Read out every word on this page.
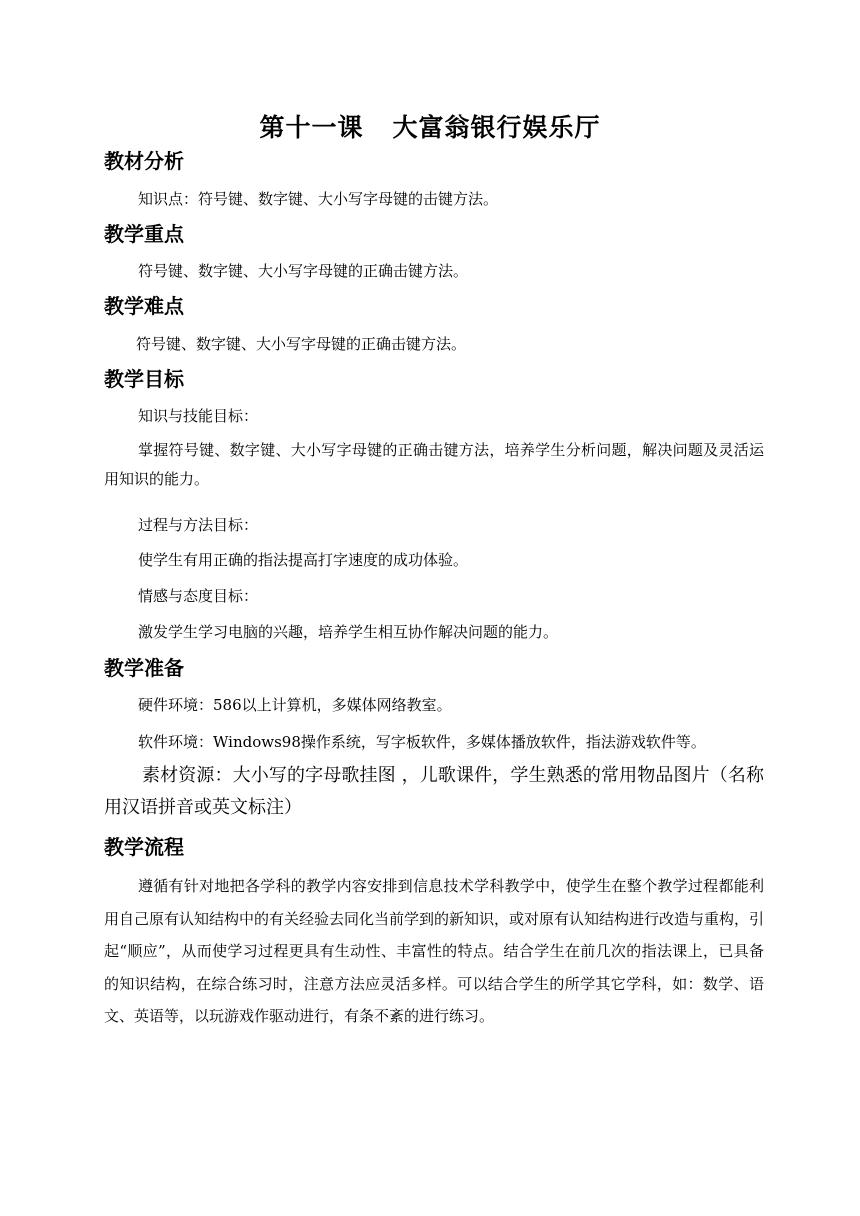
第十一课   大富翁银行娱乐厅
教材分析
知识点：符号键、数字键、大小写字母键的击键方法。
教学重点
符号键、数字键、大小写字母键的正确击键方法。
教学难点
符号键、数字键、大小写字母键的正确击键方法。
教学目标
知识与技能目标：
掌握符号键、数字键、大小写字母键的正确击键方法，培养学生分析问题，解决问题及灵活运用知识的能力。
过程与方法目标：
使学生有用正确的指法提高打字速度的成功体验。
情感与态度目标：
激发学生学习电脑的兴趣，培养学生相互协作解决问题的能力。
教学准备
硬件环境：586以上计算机，多媒体网络教室。
软件环境：Windows98操作系统，写字板软件，多媒体播放软件，指法游戏软件等。
素材资源：大小写的字母歌挂图 ，儿歌课件，学生熟悉的常用物品图片（名称用汉语拼音或英文标注）
教学流程
遵循有针对地把各学科的教学内容安排到信息技术学科教学中，使学生在整个教学过程都能利用自己原有认知结构中的有关经验去同化当前学到的新知识，或对原有认知结构进行改造与重构，引起“顺应”，从而使学习过程更具有生动性、丰富性的特点。结合学生在前几次的指法课上，已具备的知识结构，在综合练习时，注意方法应灵活多样。可以结合学生的所学其它学科，如：数学、语文、英语等，以玩游戏作驱动进行，有条不紊的进行练习。
